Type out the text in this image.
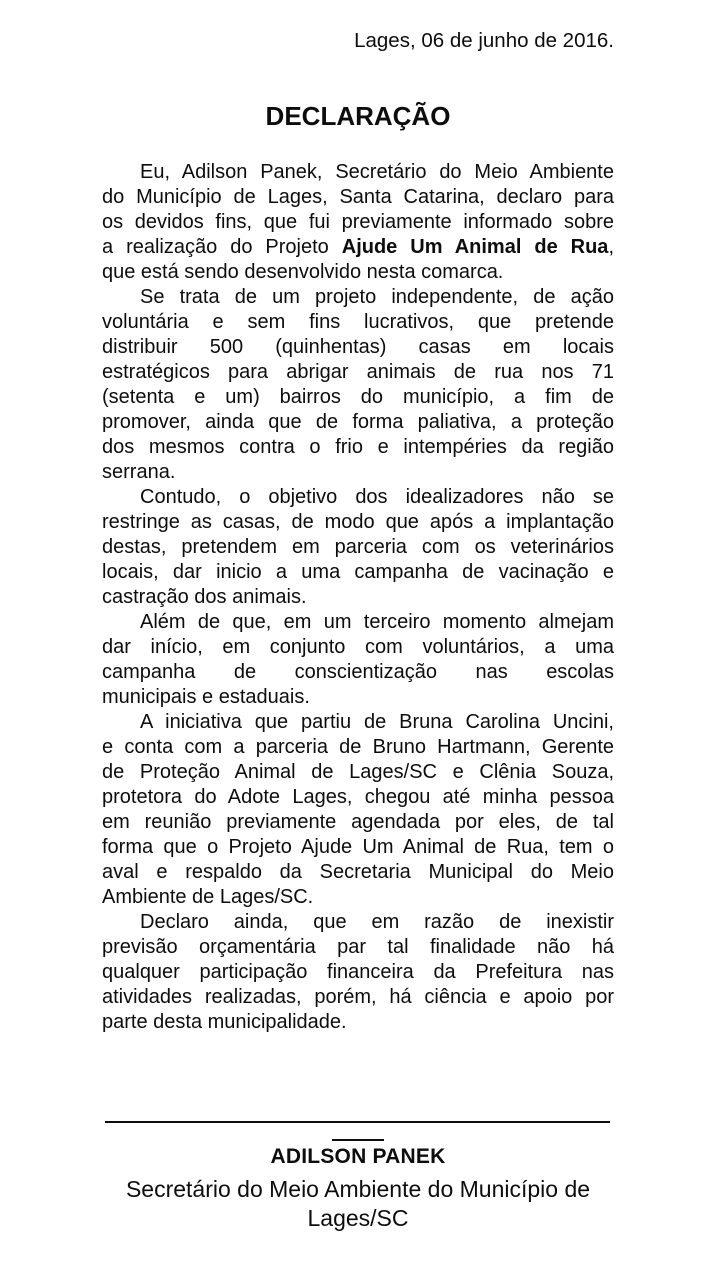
Lages, 06 de junho de 2016.
DECLARAÇÃO
Eu, Adilson Panek, Secretário do Meio Ambiente
do Município de Lages, Santa Catarina, declaro para
os devidos fins, que fui previamente informado sobre
a realização do Projeto Ajude Um Animal de Rua,
que está sendo desenvolvido nesta comarca.
Se trata de um projeto independente, de ação
voluntária e sem fins lucrativos, que pretende
distribuir 500 (quinhentas) casas em locais
estratégicos para abrigar animais de rua nos 71
(setenta e um) bairros do município, a fim de
promover, ainda que de forma paliativa, a proteção
dos mesmos contra o frio e intempéries da região
serrana.
Contudo, o objetivo dos idealizadores não se
restringe as casas, de modo que após a implantação
destas, pretendem em parceria com os veterinários
locais, dar inicio a uma campanha de vacinação e
castração dos animais.
Além de que, em um terceiro momento almejam
dar início, em conjunto com voluntários, a uma
campanha de conscientização nas escolas
municipais e estaduais.
A iniciativa que partiu de Bruna Carolina Uncini,
e conta com a parceria de Bruno Hartmann, Gerente
de Proteção Animal de Lages/SC e Clênia Souza,
protetora do Adote Lages, chegou até minha pessoa
em reunião previamente agendada por eles, de tal
forma que o Projeto Ajude Um Animal de Rua, tem o
aval e respaldo da Secretaria Municipal do Meio
Ambiente de Lages/SC.
Declaro ainda, que em razão de inexistir
previsão orçamentária par tal finalidade não há
qualquer participação financeira da Prefeitura nas
atividades realizadas, porém, há ciência e apoio por
parte desta municipalidade.
ADILSON PANEK
Secretário do Meio Ambiente do Município de
Lages/SC
